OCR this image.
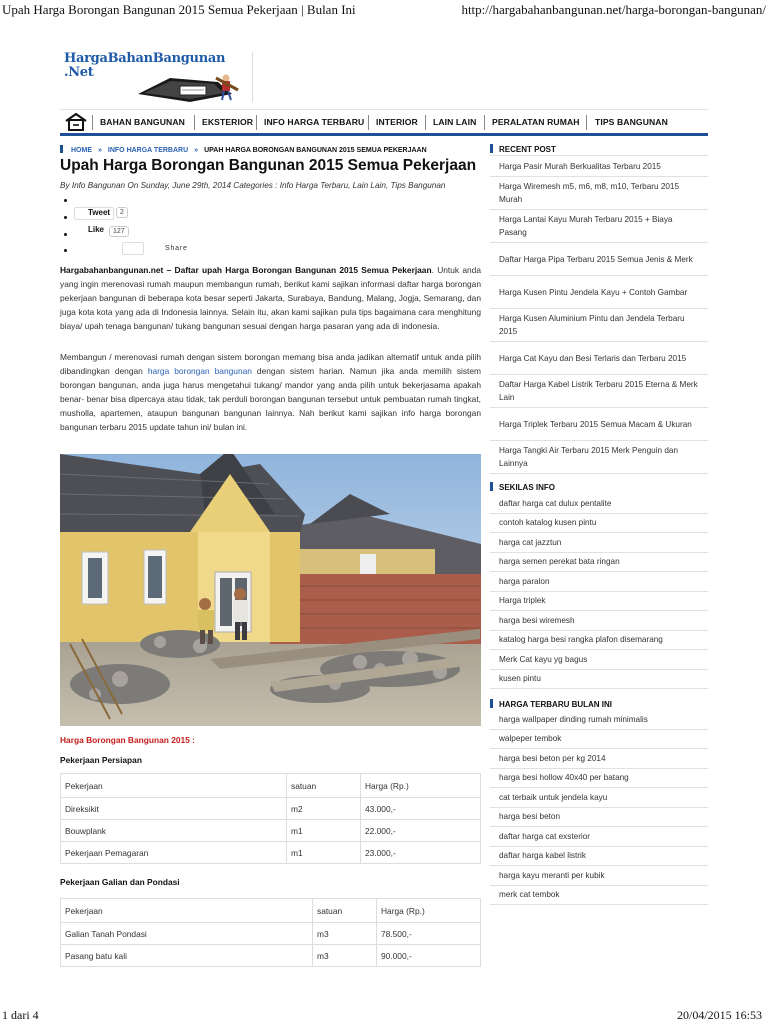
Upah Harga Borongan Bangunan 2015 Semua Pekerjaan | Bulan Ini	http://hargabahanbangunan.net/harga-borongan-bangunan/
HargaBahanBangunan
.Net
BAHAN BANGUNAN EKSTERIOR INFO HARGA TERBARU INTERIOR LAIN LAIN PERALATAN RUMAH TIPS BANGUNAN
HOME » INFO HARGA TERBARU » UPAH HARGA BORONGAN BANGUNAN 2015 SEMUA PEKERJAAN
Upah Harga Borongan Bangunan 2015 Semua Pekerjaan
By Info Bangunan On Sunday, June 29th, 2014 Categories : Info Harga Terbaru, Lain Lain, Tips Bangunan
Tweet	2
Like	127
Share
Hargabahanbangunan.net – Daftar upah Harga Borongan Bangunan 2015 Semua Pekerjaan. Untuk anda yang ingin merenovasi rumah maupun membangun rumah, berikut kami sajikan informasi daftar harga borongan pekerjaan bangunan di beberapa kota besar seperti Jakarta, Surabaya, Bandung, Malang, Jogja, Semarang, dan juga kota kota yang ada di Indonesia lainnya. Selain itu, akan kami sajikan pula tips bagaimana cara menghitung biaya/ upah tenaga bangunan/ tukang bangunan sesuai dengan harga pasaran yang ada di indonesia.
Membangun / merenovasi rumah dengan sistem borongan memang bisa anda jadikan alternatif untuk anda pilih dibandingkan dengan harga borongan bangunan dengan sistem harian. Namun jika anda memilih sistem borongan bangunan, anda juga harus mengetahui tukang/ mandor yang anda pilih untuk bekerjasama apakah benar- benar bisa dipercaya atau tidak, tak perduli borongan bangunan tersebut untuk pembuatan rumah tingkat, musholla, apartemen, ataupun bangunan bangunan lainnya. Nah berikut kami sajikan info harga borongan bangunan terbaru 2015 update tahun ini/ bulan ini.
Harga Borongan Bangunan 2015 :
Pekerjaan Persiapan
Pekerjaan	satuan	Harga (Rp.)
Direksikit	m2	43.000,-
Bouwplank	m1	22.000,-
Pekerjaan Pemagaran	m1	23.000,-
Pekerjaan Galian dan Pondasi
Pekerjaan	satuan	Harga (Rp.)
Galian Tanah Pondasi	m3	78.500,-
Pasang batu kali	m3	90.000,-
RECENT POST
Harga Pasir Murah Berkualitas Terbaru 2015
Harga Wiremesh m5, m6, m8, m10, Terbaru 2015 Murah
Harga Lantai Kayu Murah Terbaru 2015 + Biaya Pasang
Daftar Harga Pipa Terbaru 2015 Semua Jenis & Merk
Harga Kusen Pintu Jendela Kayu + Contoh Gambar
Harga Kusen Aluminium Pintu dan Jendela Terbaru 2015
Harga Cat Kayu dan Besi Terlaris dan Terbaru 2015
Daftar Harga Kabel Listrik Terbaru 2015 Eterna & Merk Lain
Harga Triplek Terbaru 2015 Semua Macam & Ukuran
Harga Tangki Air Terbaru 2015 Merk Penguin dan Lainnya
SEKILAS INFO
daftar harga cat dulux pentalite
contoh katalog kusen pintu
harga cat jazztun
harga semen perekat bata ringan
harga paralon
Harga triplek
harga besi wiremesh
katalog harga besi rangka plafon disemarang
Merk Cat kayu yg bagus
kusen pintu
HARGA TERBARU BULAN INI
harga wallpaper dinding rumah minimalis
walpeper tembok
harga besi beton per kg 2014
harga besi hollow 40x40 per batang
cat terbaik untuk jendela kayu
harga besi beton
daftar harga cat exsterior
daftar harga kabel listrik
harga kayu meranti per kubik
merk cat tembok
1 dari 4	20/04/2015 16:53
